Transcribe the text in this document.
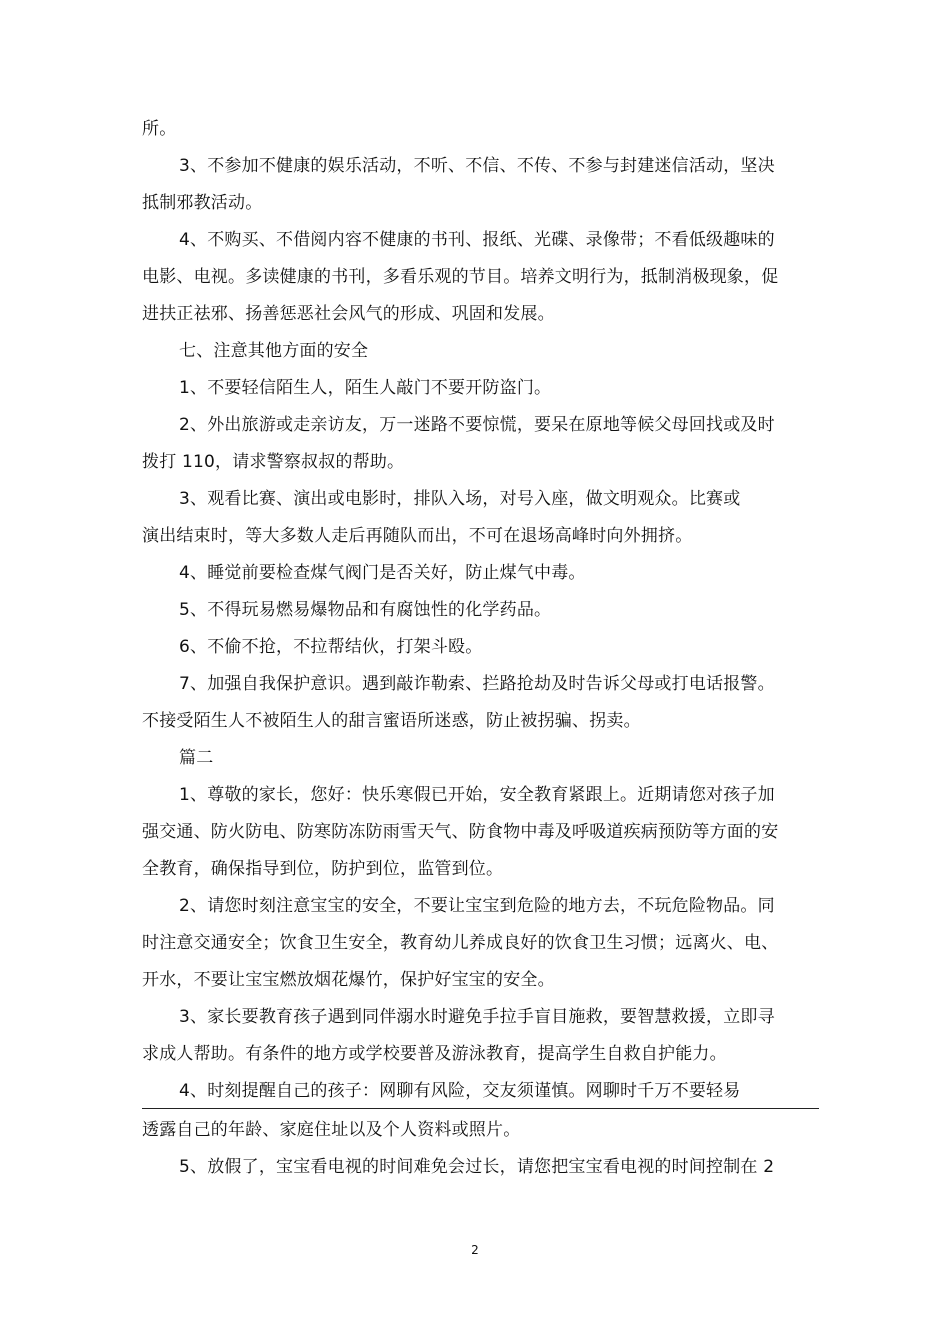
所。
3、不参加不健康的娱乐活动，不听、不信、不传、不参与封建迷信活动，坚决
抵制邪教活动。
4、不购买、不借阅内容不健康的书刊、报纸、光碟、录像带；不看低级趣味的
电影、电视。多读健康的书刊，多看乐观的节目。培养文明行为，抵制消极现象，促
进扶正祛邪、扬善惩恶社会风气的形成、巩固和发展。
七、注意其他方面的安全
1、不要轻信陌生人，陌生人敲门不要开防盗门。
2、外出旅游或走亲访友，万一迷路不要惊慌，要呆在原地等候父母回找或及时
拨打 110，请求警察叔叔的帮助。
3、观看比赛、演出或电影时，排队入场，对号入座，做文明观众。比赛或
演出结束时，等大多数人走后再随队而出，不可在退场高峰时向外拥挤。
4、睡觉前要检查煤气阀门是否关好，防止煤气中毒。
5、不得玩易燃易爆物品和有腐蚀性的化学药品。
6、不偷不抢，不拉帮结伙，打架斗殴。
7、加强自我保护意识。遇到敲诈勒索、拦路抢劫及时告诉父母或打电话报警。
不接受陌生人不被陌生人的甜言蜜语所迷惑，防止被拐骗、拐卖。
篇二
1、尊敬的家长，您好：快乐寒假已开始，安全教育紧跟上。近期请您对孩子加
强交通、防火防电、防寒防冻防雨雪天气、防食物中毒及呼吸道疾病预防等方面的安
全教育，确保指导到位，防护到位，监管到位。
2、请您时刻注意宝宝的安全，不要让宝宝到危险的地方去，不玩危险物品。同
时注意交通安全；饮食卫生安全，教育幼儿养成良好的饮食卫生习惯；远离火、电、
开水，不要让宝宝燃放烟花爆竹，保护好宝宝的安全。
3、家长要教育孩子遇到同伴溺水时避免手拉手盲目施救，要智慧救援，立即寻
求成人帮助。有条件的地方或学校要普及游泳教育，提高学生自救自护能力。
4、时刻提醒自己的孩子：网聊有风险，交友须谨慎。网聊时千万不要轻易
透露自己的年龄、家庭住址以及个人资料或照片。
5、放假了，宝宝看电视的时间难免会过长，请您把宝宝看电视的时间控制在 2
2
